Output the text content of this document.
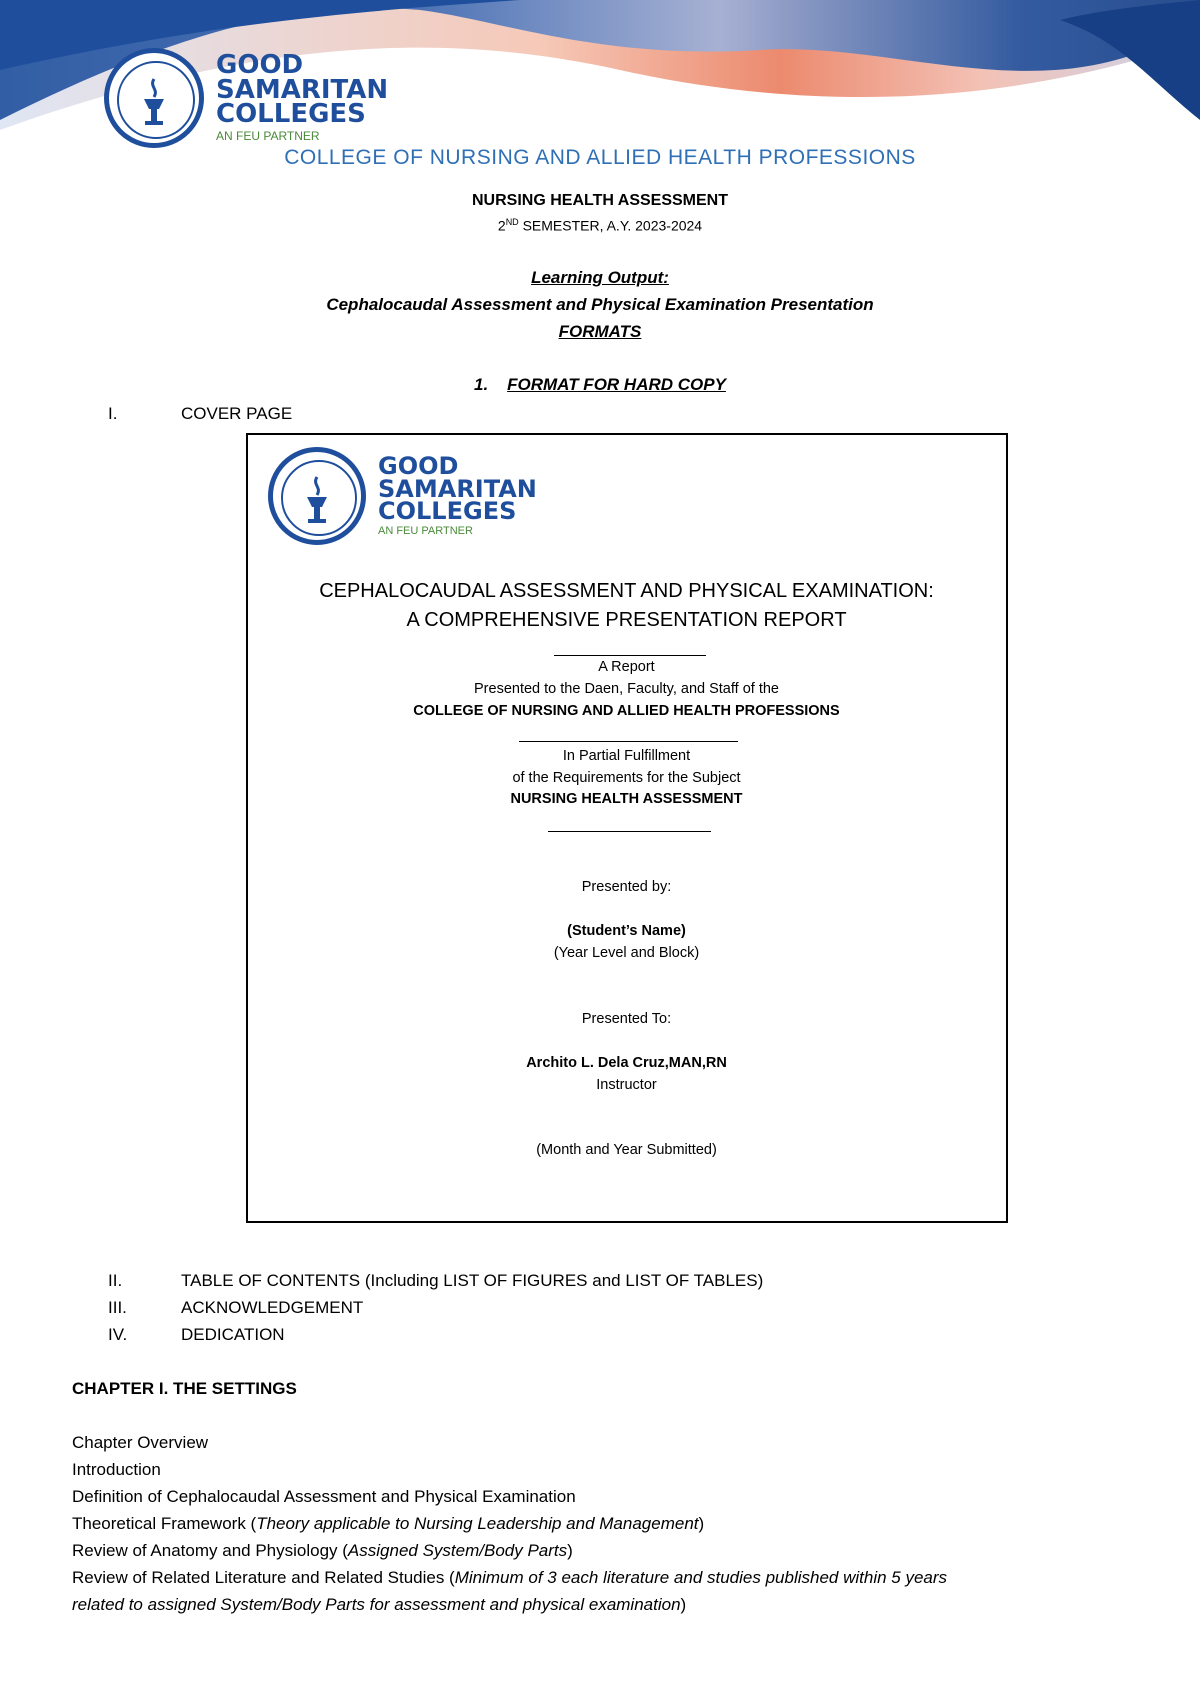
GOOD
SAMARITAN
COLLEGES
AN FEU PARTNER
COLLEGE OF NURSING AND ALLIED HEALTH PROFESSIONS
NURSING HEALTH ASSESSMENT
2ND SEMESTER, A.Y. 2023-2024
Learning Output:
Cephalocaudal Assessment and Physical Examination Presentation
FORMATS
1. FORMAT FOR HARD COPY
I.	COVER PAGE
GOOD
SAMARITAN
COLLEGES
AN FEU PARTNER
CEPHALOCAUDAL ASSESSMENT AND PHYSICAL EXAMINATION:
A COMPREHENSIVE PRESENTATION REPORT
A Report
Presented to the Daen, Faculty, and Staff of the
COLLEGE OF NURSING AND ALLIED HEALTH PROFESSIONS
In Partial Fulfillment
of the Requirements for the Subject
NURSING HEALTH ASSESSMENT
Presented by:
(Student’s Name)
(Year Level and Block)
Presented To:
Archito L. Dela Cruz,MAN,RN
Instructor
(Month and Year Submitted)
II.	TABLE OF CONTENTS (Including LIST OF FIGURES and LIST OF TABLES)
III.	ACKNOWLEDGEMENT
IV.	DEDICATION
CHAPTER I. THE SETTINGS
Chapter Overview
Introduction
Definition of Cephalocaudal Assessment and Physical Examination
Theoretical Framework (Theory applicable to Nursing Leadership and Management)
Review of Anatomy and Physiology (Assigned System/Body Parts)
Review of Related Literature and Related Studies (Minimum of 3 each literature and studies published within 5 years
related to assigned System/Body Parts for assessment and physical examination)
